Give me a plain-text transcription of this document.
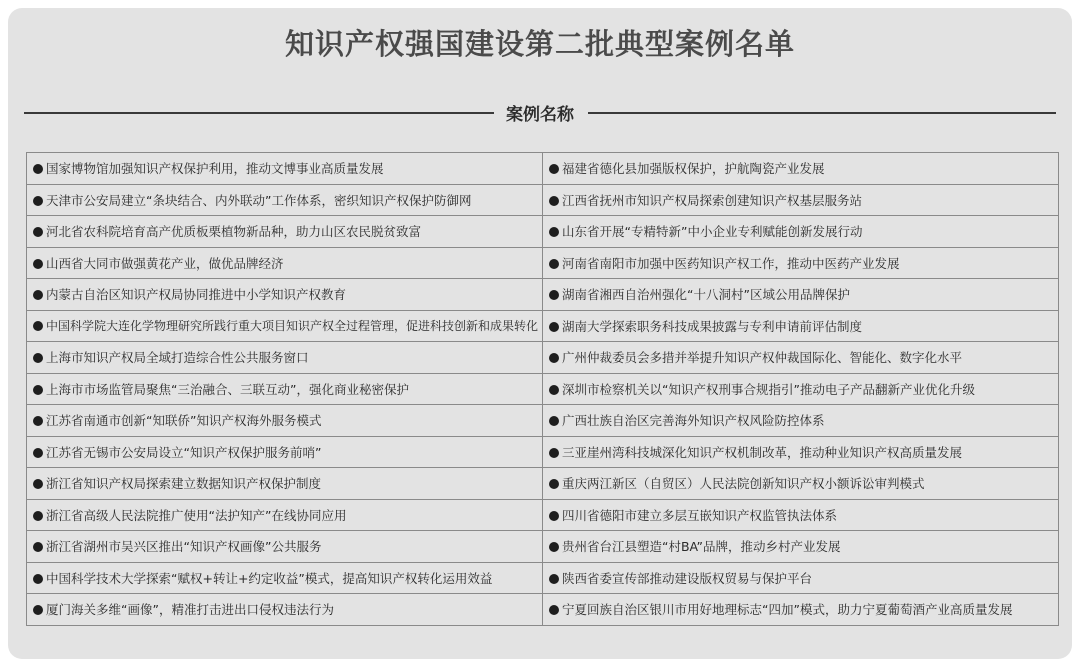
知识产权强国建设第二批典型案例名单
案例名称
国家博物馆加强知识产权保护利用，推动文博事业高质量发展	福建省德化县加强版权保护，护航陶瓷产业发展
天津市公安局建立“条块结合、内外联动”工作体系，密织知识产权保护防御网	江西省抚州市知识产权局探索创建知识产权基层服务站
河北省农科院培育高产优质板栗植物新品种，助力山区农民脱贫致富	山东省开展“专精特新”中小企业专利赋能创新发展行动
山西省大同市做强黄花产业，做优品牌经济	河南省南阳市加强中医药知识产权工作，推动中医药产业发展
内蒙古自治区知识产权局协同推进中小学知识产权教育	湖南省湘西自治州强化“十八洞村”区域公用品牌保护
中国科学院大连化学物理研究所践行重大项目知识产权全过程管理，促进科技创新和成果转化	湖南大学探索职务科技成果披露与专利申请前评估制度
上海市知识产权局全域打造综合性公共服务窗口	广州仲裁委员会多措并举提升知识产权仲裁国际化、智能化、数字化水平
上海市市场监管局聚焦“三治融合、三联互动”，强化商业秘密保护	深圳市检察机关以“知识产权刑事合规指引”推动电子产品翻新产业优化升级
江苏省南通市创新“知联侨”知识产权海外服务模式	广西壮族自治区完善海外知识产权风险防控体系
江苏省无锡市公安局设立“知识产权保护服务前哨”	三亚崖州湾科技城深化知识产权机制改革，推动种业知识产权高质量发展
浙江省知识产权局探索建立数据知识产权保护制度	重庆两江新区（自贸区）人民法院创新知识产权小额诉讼审判模式
浙江省高级人民法院推广使用“法护知产”在线协同应用	四川省德阳市建立多层互嵌知识产权监管执法体系
浙江省湖州市吴兴区推出“知识产权画像”公共服务	贵州省台江县塑造“村BA”品牌，推动乡村产业发展
中国科学技术大学探索“赋权+转让+约定收益”模式，提高知识产权转化运用效益	陕西省委宣传部推动建设版权贸易与保护平台
厦门海关多维“画像”，精准打击进出口侵权违法行为	宁夏回族自治区银川市用好地理标志“四加”模式，助力宁夏葡萄酒产业高质量发展
